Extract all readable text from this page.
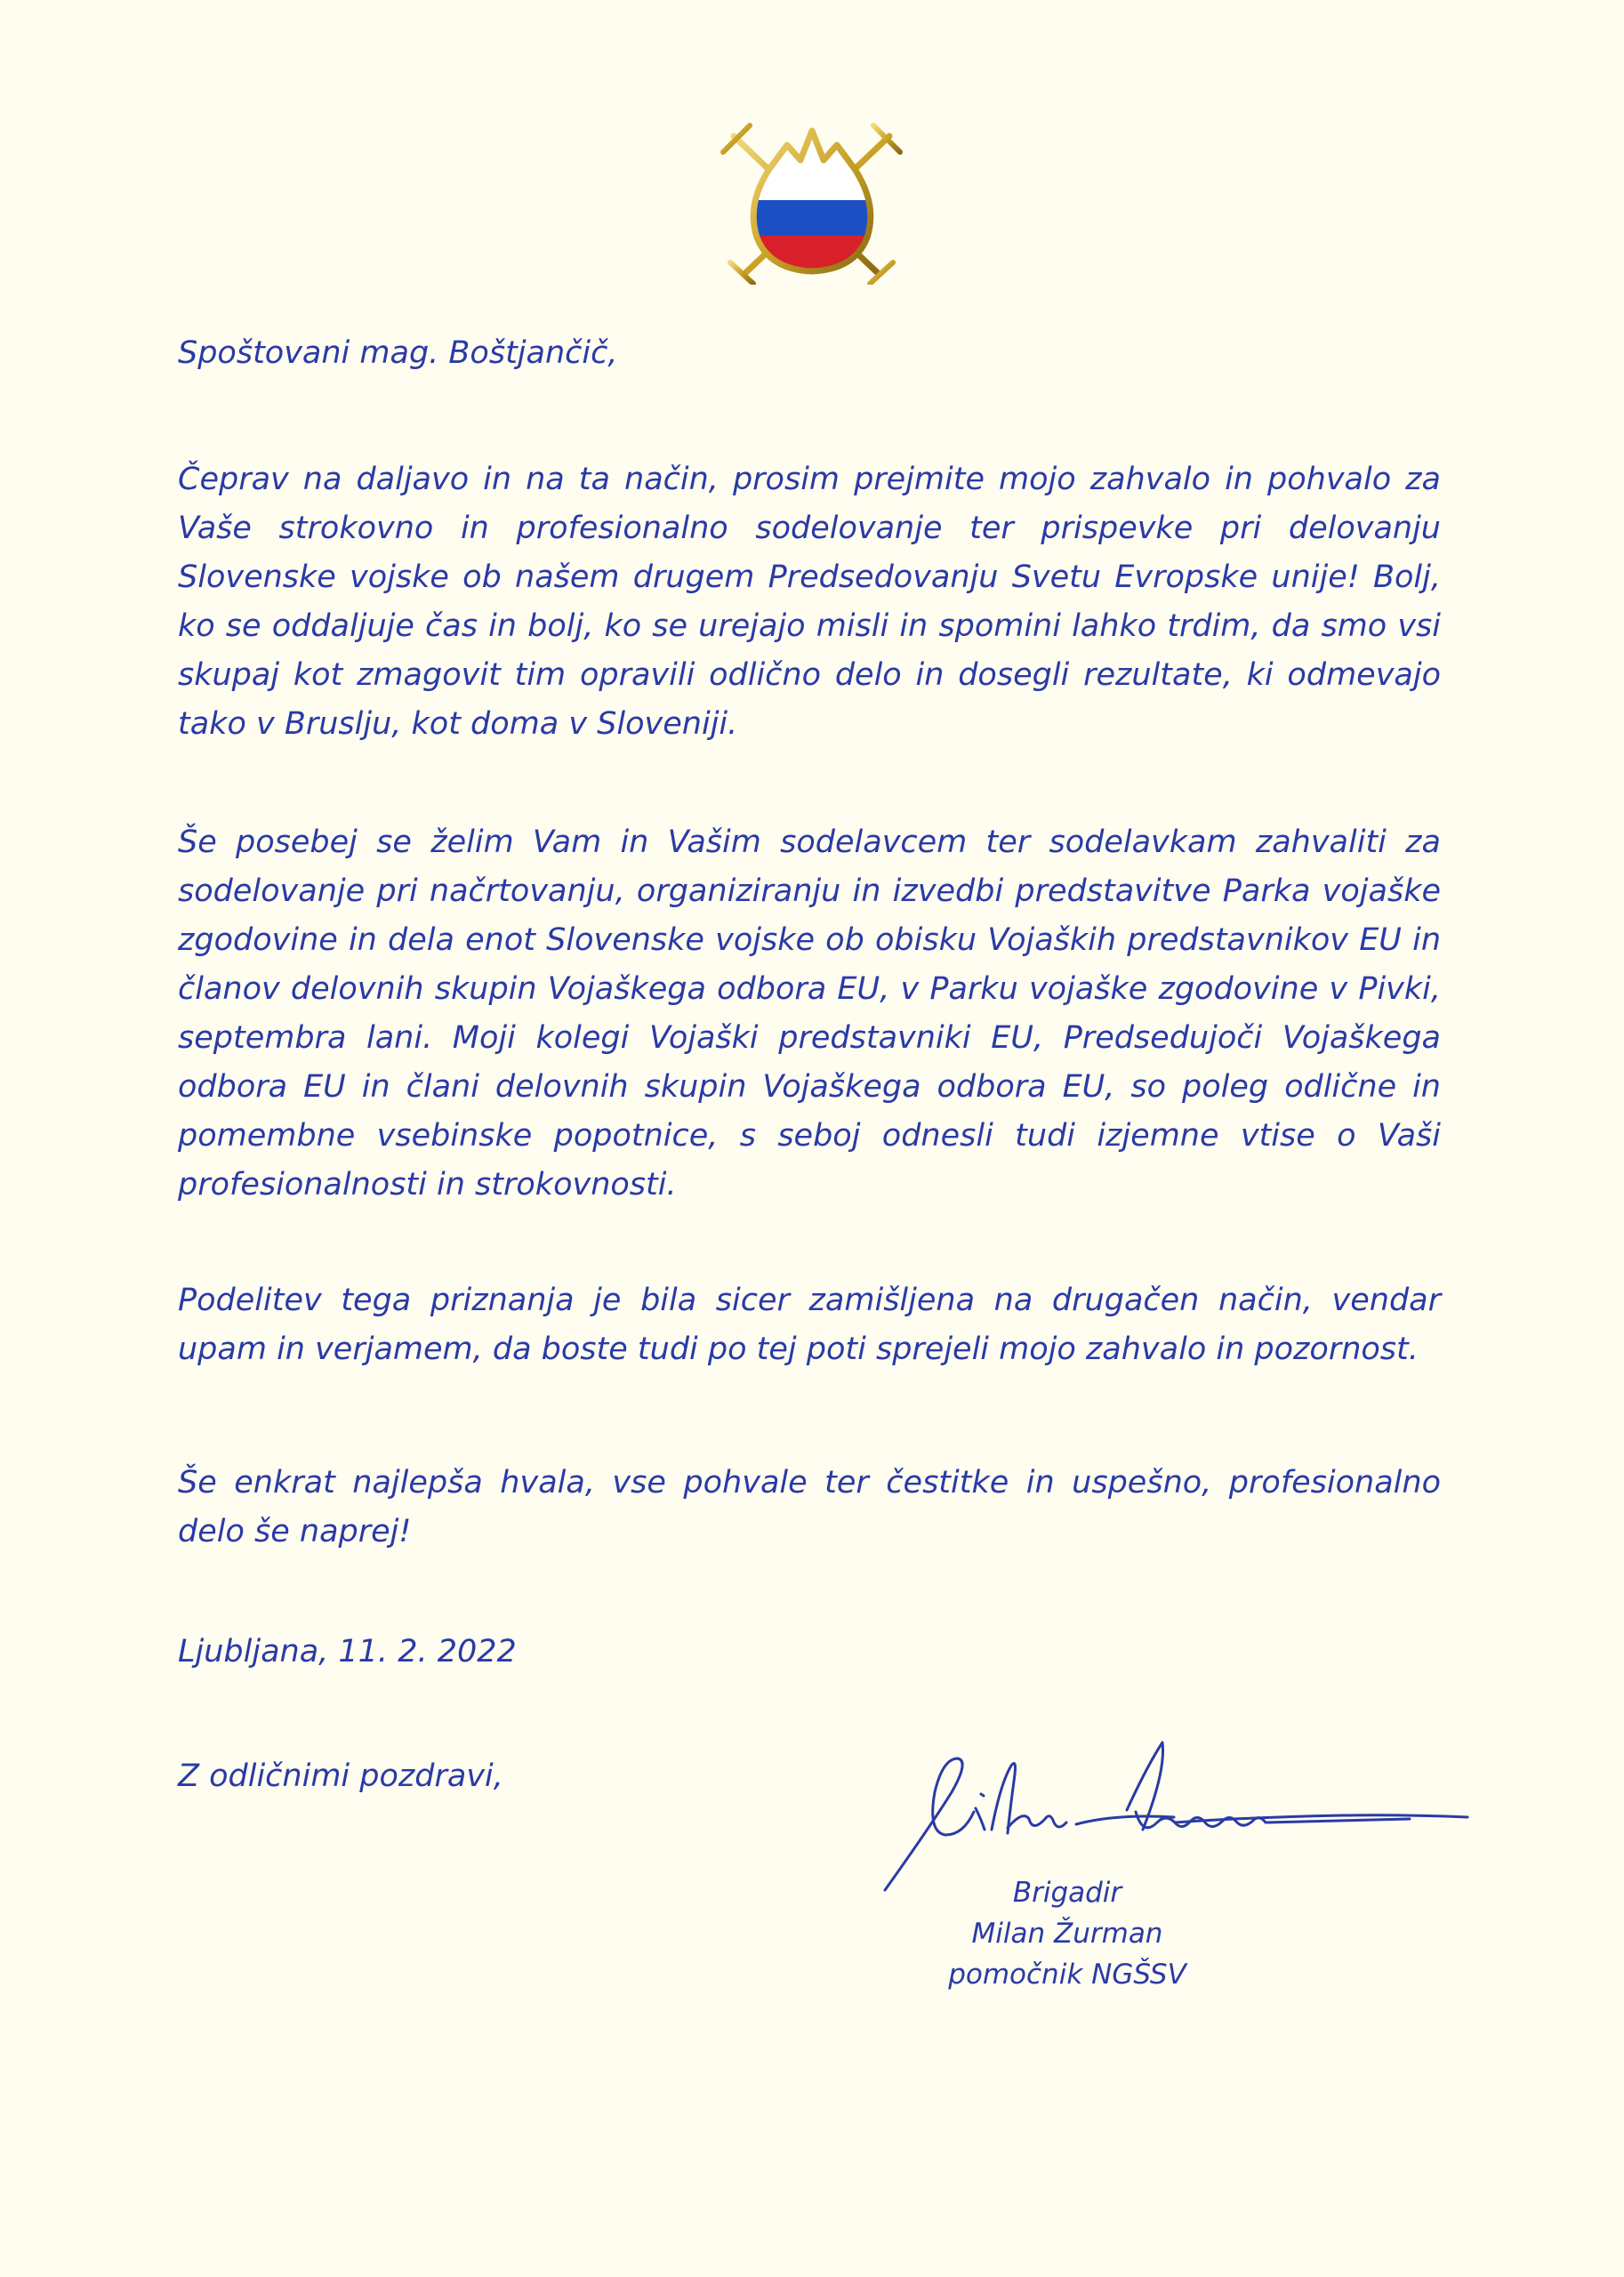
Spoštovani mag. Boštjančič,

Čeprav na daljavo in na ta način, prosim prejmite mojo zahvalo in pohvalo za Vaše strokovno in profesionalno sodelovanje ter prispevke pri delovanju Slovenske vojske ob našem drugem Predsedovanju Svetu Evropske unije! Bolj, ko se oddaljuje čas in bolj, ko se urejajo misli in spomini lahko trdim, da smo vsi skupaj kot zmagovit tim opravili odlično delo in dosegli rezultate, ki odmevajo tako v Bruslju, kot doma v Sloveniji.

Še posebej se želim Vam in Vašim sodelavcem ter sodelavkam zahvaliti za sodelovanje pri načrtovanju, organiziranju in izvedbi predstavitve Parka vojaške zgodovine in dela enot Slovenske vojske ob obisku Vojaških predstavnikov EU in članov delovnih skupin Vojaškega odbora EU, v Parku vojaške zgodovine v Pivki, septembra lani. Moji kolegi Vojaški predstavniki EU, Predsedujoči Vojaškega odbora EU in člani delovnih skupin Vojaškega odbora EU, so poleg odlične in pomembne vsebinske popotnice, s seboj odnesli tudi izjemne vtise o Vaši profesionalnosti in strokovnosti.

Podelitev tega priznanja je bila sicer zamišljena na drugačen način, vendar upam in verjamem, da boste tudi po tej poti sprejeli mojo zahvalo in pozornost.

Še enkrat najlepša hvala, vse pohvale ter čestitke in uspešno, profesionalno delo še naprej!

Ljubljana, 11. 2. 2022

Z odličnimi pozdravi,

Brigadir
Milan Žurman
pomočnik NGŠSV
